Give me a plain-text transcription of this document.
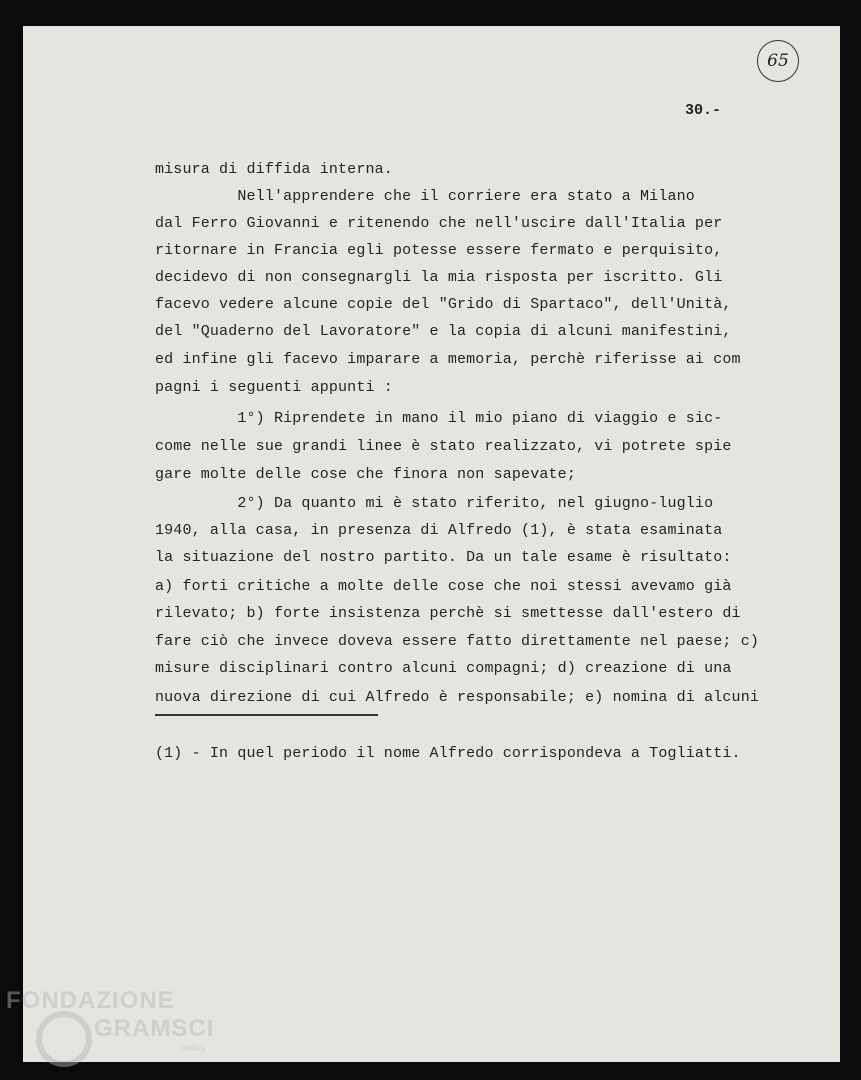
65
30.-
misura di diffida interna.
Nell'apprendere che il corriere era stato a Milano
dal Ferro Giovanni e ritenendo che nell'uscire dall'Italia per
ritornare in Francia egli potesse essere fermato e perquisito,
decidevo di non consegnargli la mia risposta per iscritto. Gli
facevo vedere alcune copie del "Grido di Spartaco", dell'Unità,
del "Quaderno del Lavoratore" e la copia di alcuni manifestini,
ed infine gli facevo imparare a memoria, perchè riferisse ai com
pagni i seguenti appunti :
1°) Riprendete in mano il mio piano di viaggio e sic-
come nelle sue grandi linee è stato realizzato, vi potrete spie
gare molte delle cose che finora non sapevate;
2°) Da quanto mi è stato riferito, nel giugno-luglio
1940, alla casa, in presenza di Alfredo (1), è stata esaminata
la situazione del nostro partito. Da un tale esame è risultato:
a) forti critiche a molte delle cose che noi stessi avevamo già
rilevato; b) forte insistenza perchè si smettesse dall'estero di
fare ciò che invece doveva essere fatto direttamente nel paese; c)
misure disciplinari contro alcuni compagni; d) creazione di una
nuova direzione di cui Alfredo è responsabile; e) nomina di alcuni
(1) - In quel periodo il nome Alfredo corrispondeva a Togliatti.
FONDAZIONE
GRAMSCI
onlus
